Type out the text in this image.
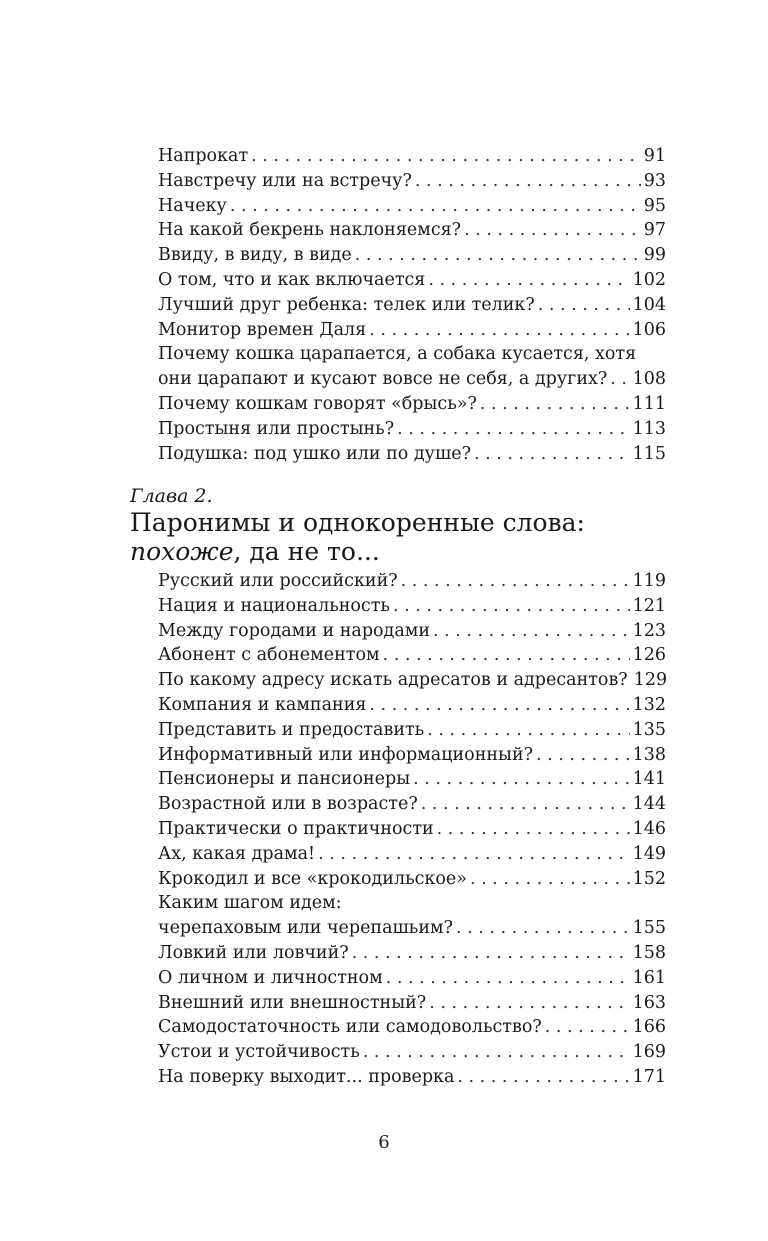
Напрокат . . .	91
Навстречу или на встречу? . . .	93
Начеку . . .	95
На какой бекрень наклоняемся? . . .	97
Ввиду, в виду, в виде . . .	99
О том, что и как включается . . .	102
Лучший друг ребенка: телек или телик? . . .	104
Монитор времен Даля . . .	106
Почему кошка царапается, а собака кусается, хотя
они царапают и кусают вовсе не себя, а других? . . . 108
Почему кошкам говорят «брысь»? . . .	111
Простыня или простынь? . . .	113
Подушка: под ушко или по душе? . . .	115

Глава 2.

Паронимы и однокоренные слова:
похоже, да не то...
Русский или российский? . . .	119
Нация и национальность . . .	121
Между городами и народами . . .	123
Абонент с абонементом . . .	126
По какому адресу искать адресатов и адресантов? 129
Компания и кампания . . .	132
Представить и предоставить . . .	135
Информативный или информационный? . . .	138
Пенсионеры и пансионеры . . .	141
Возрастной или в возрасте? . . .	144
Практически о практичности . . .	146
Ах, какая драма! . . .	149
Крокодил и все «крокодильское» . . .	152
Каким шагом идем:
черепаховым или черепашьим? . . .	155
Ловкий или ловчий? . . .	158
О личном и личностном . . .	161
Внешний или внешностный? . . .	163
Самодостаточность или самодовольство? . . .	166
Устои и устойчивость . . .	169
На поверку выходит... проверка . . .	171
6
